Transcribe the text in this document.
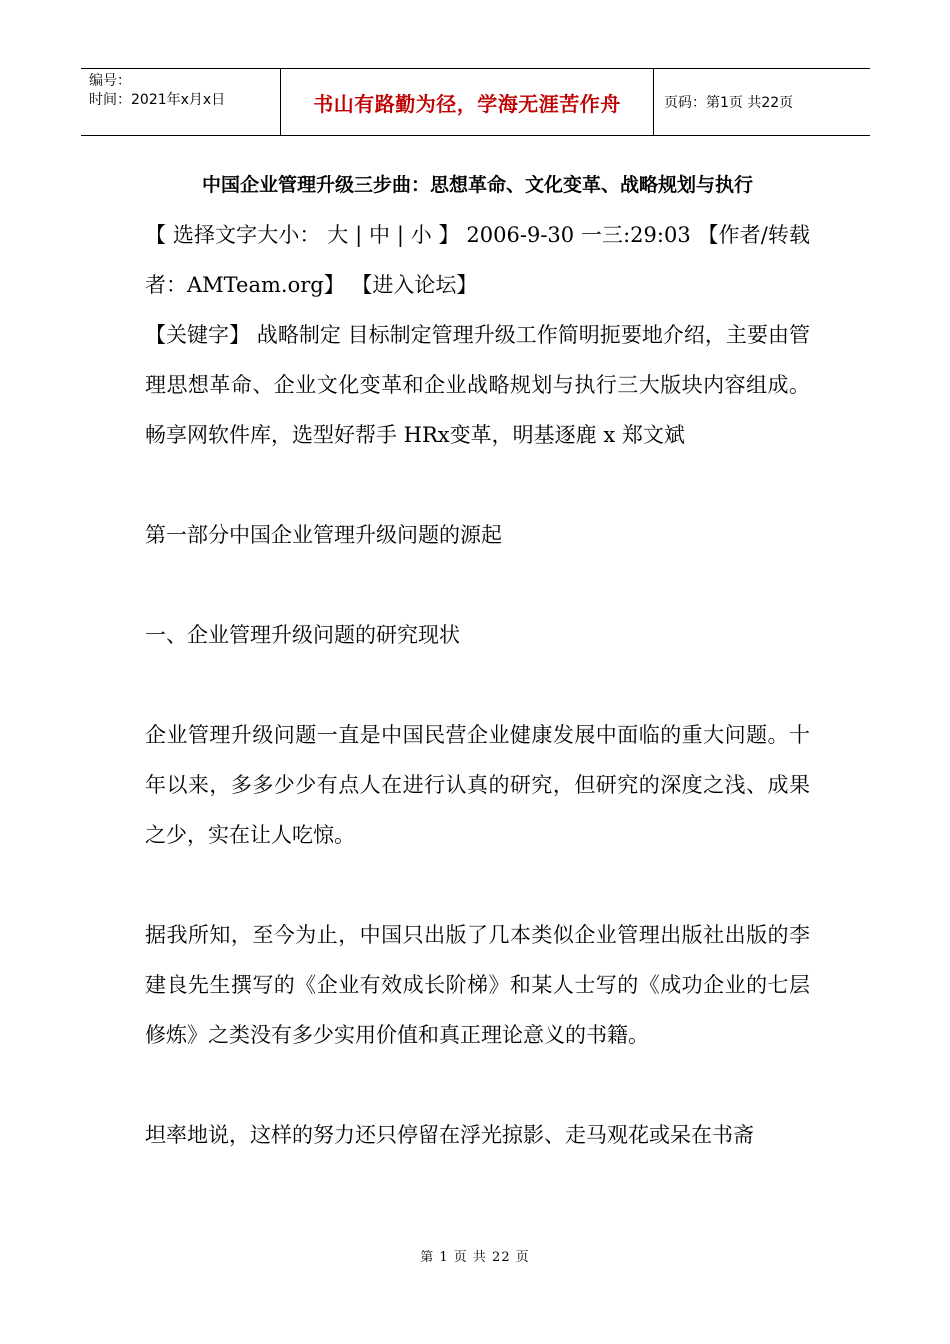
编号：
时间：2021年x月x日	书山有路勤为径，学海无涯苦作舟	页码：第1页 共22页

中国企业管理升级三步曲：思想革命、文化变革、战略规划与执行

【 选择文字大小： 大 | 中 | 小 】 2006-9-30 一三:29:03 【作者/转载者：AMTeam.org】 【进入论坛】

【关键字】 战略制定 目标制定管理升级工作简明扼要地介绍，主要由管理思想革命、企业文化变革和企业战略规划与执行三大版块内容组成。畅享网软件库，选型好帮手 HRx变革，明基逐鹿 x 郑文斌

第一部分中国企业管理升级问题的源起

一、企业管理升级问题的研究现状

企业管理升级问题一直是中国民营企业健康发展中面临的重大问题。十年以来，多多少少有点人在进行认真的研究，但研究的深度之浅、成果之少，实在让人吃惊。

据我所知，至今为止，中国只出版了几本类似企业管理出版社出版的李建良先生撰写的《企业有效成长阶梯》和某人士写的《成功企业的七层修炼》之类没有多少实用价值和真正理论意义的书籍。

坦率地说，这样的努力还只停留在浮光掠影、走马观花或呆在书斋

第 1 页 共 22 页
